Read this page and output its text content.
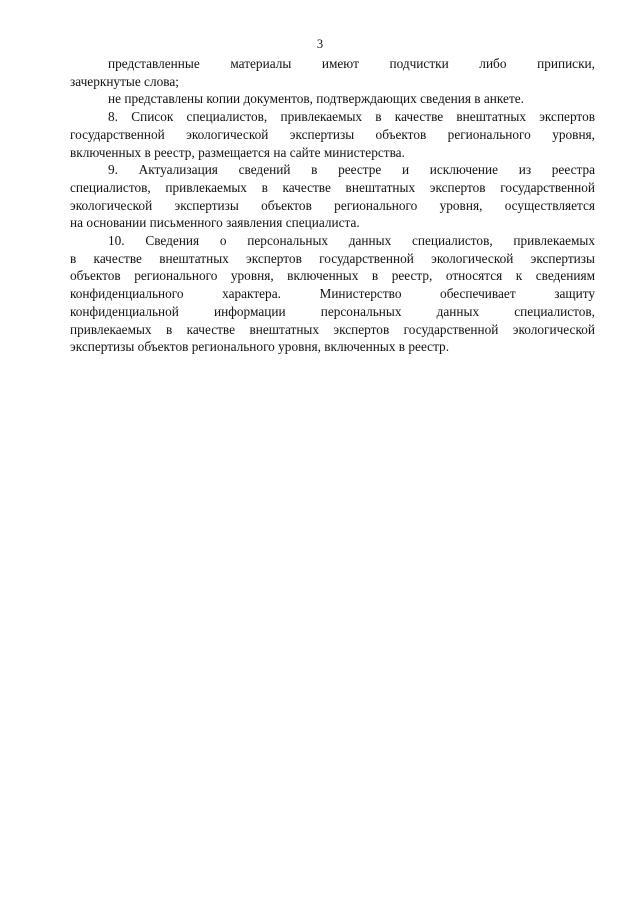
3

представленные материалы имеют подчистки либо приписки,
зачеркнутые слова;

не представлены копии документов, подтверждающих сведения в анкете.

8. Список специалистов, привлекаемых в качестве внештатных экспертов
государственной экологической экспертизы объектов регионального уровня,
включенных в реестр, размещается на сайте министерства.

9. Актуализация сведений в реестре и исключение из реестра
специалистов, привлекаемых в качестве внештатных экспертов государственной
экологической экспертизы объектов регионального уровня, осуществляется
на основании письменного заявления специалиста.

10. Сведения о персональных данных специалистов, привлекаемых
в качестве внештатных экспертов государственной экологической экспертизы
объектов регионального уровня, включенных в реестр, относятся к сведениям
конфиденциального характера. Министерство обеспечивает защиту
конфиденциальной информации персональных данных специалистов,
привлекаемых в качестве внештатных экспертов государственной экологической
экспертизы объектов регионального уровня, включенных в реестр.
